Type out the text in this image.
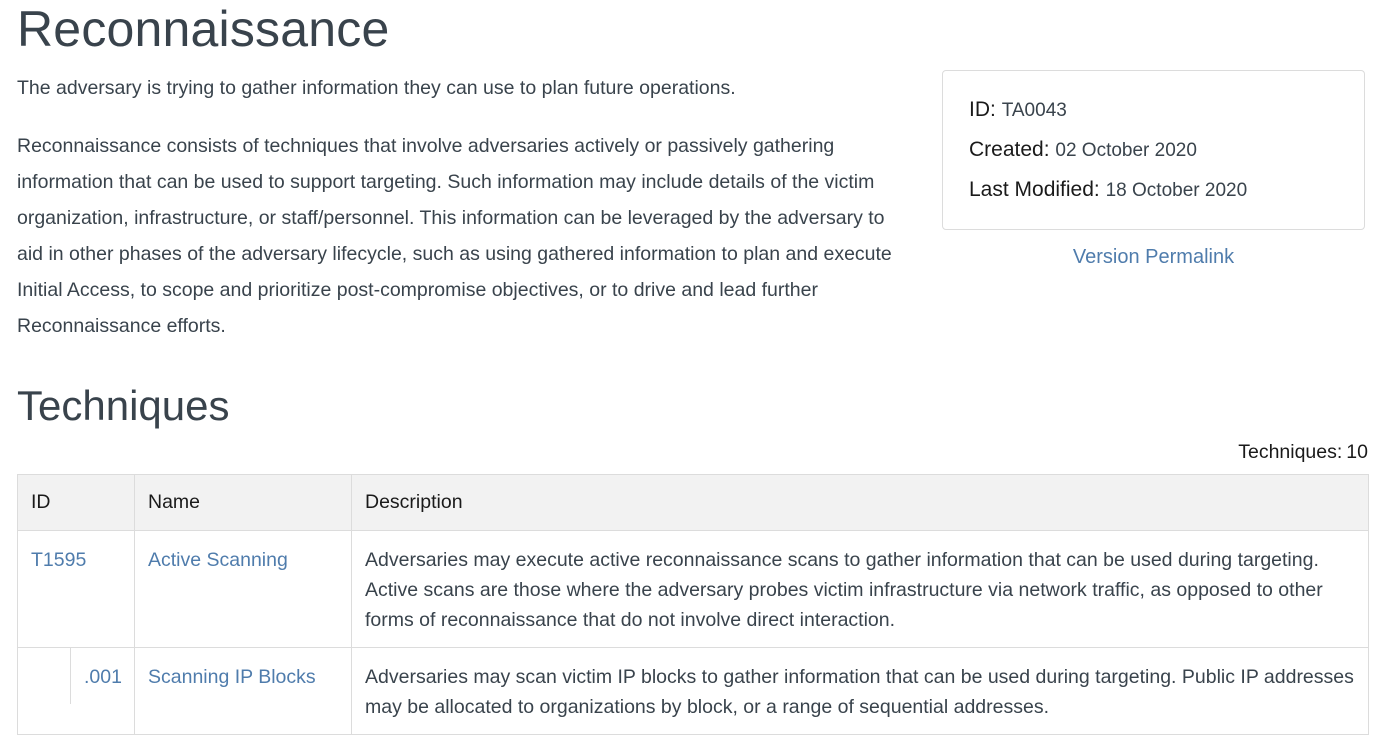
Reconnaissance

The adversary is trying to gather information they can use to plan future operations.

Reconnaissance consists of techniques that involve adversaries actively or passively gathering information that can be used to support targeting. Such information may include details of the victim organization, infrastructure, or staff/personnel. This information can be leveraged by the adversary to aid in other phases of the adversary lifecycle, such as using gathered information to plan and execute Initial Access, to scope and prioritize post-compromise objectives, or to drive and lead further Reconnaissance efforts.

ID: TA0043
Created: 02 October 2020
Last Modified: 18 October 2020
Version Permalink
Techniques
Techniques: 10
ID	Name	Description
T1595	Active Scanning	Adversaries may execute active reconnaissance scans to gather information that can be used during targeting. Active scans are those where the adversary probes victim infrastructure via network traffic, as opposed to other forms of reconnaissance that do not involve direct interaction.

.001	Scanning IP Blocks	Adversaries may scan victim IP blocks to gather information that can be used during targeting. Public IP addresses may be allocated to organizations by block, or a range of sequential addresses.
